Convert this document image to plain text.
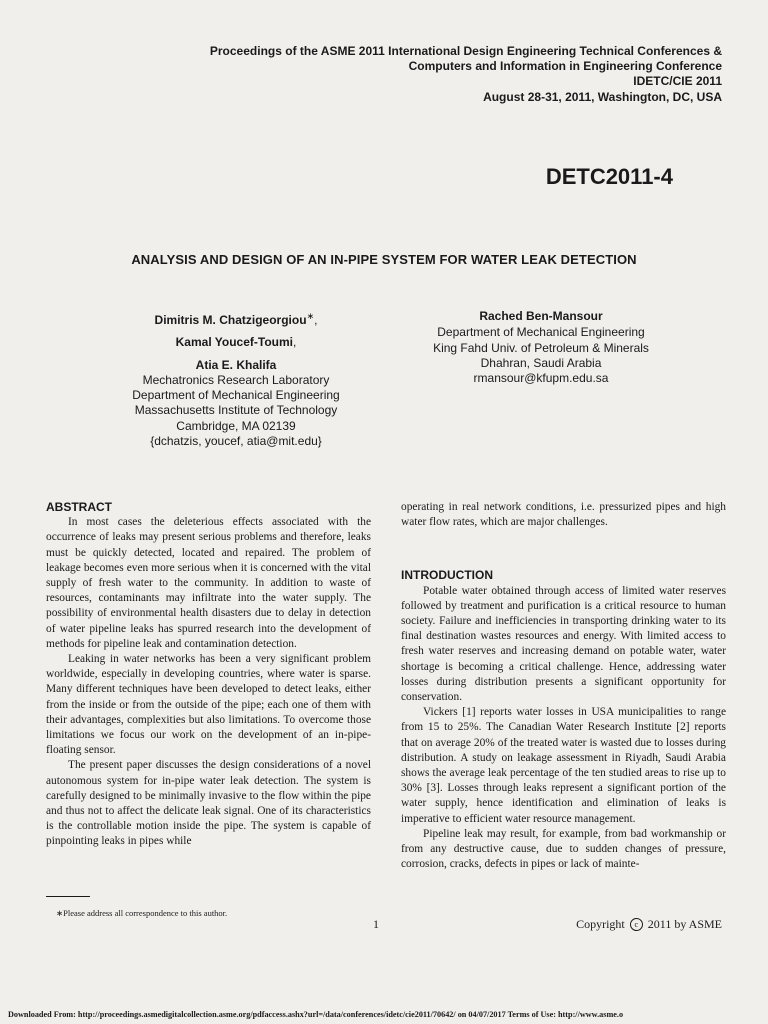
Proceedings of the ASME 2011 International Design Engineering Technical Conferences &
Computers and Information in Engineering Conference
IDETC/CIE 2011
August 28-31, 2011, Washington, DC, USA
DETC2011-4
ANALYSIS AND DESIGN OF AN IN-PIPE SYSTEM FOR WATER LEAK DETECTION
Dimitris M. Chatzigeorgiou∗,
Kamal Youcef-Toumi,
Atia E. Khalifa
Mechatronics Research Laboratory
Department of Mechanical Engineering
Massachusetts Institute of Technology
Cambridge, MA 02139
{dchatzis, youcef, atia@mit.edu}
Rached Ben-Mansour
Department of Mechanical Engineering
King Fahd Univ. of Petroleum & Minerals
Dhahran, Saudi Arabia
rmansour@kfupm.edu.sa
ABSTRACT

In most cases the deleterious effects associated with the occurrence of leaks may present serious problems and therefore, leaks must be quickly detected, located and repaired. The problem of leakage becomes even more serious when it is concerned with the vital supply of fresh water to the community. In addition to waste of resources, contaminants may infiltrate into the water supply. The possibility of environmental health disasters due to delay in detection of water pipeline leaks has spurred research into the development of methods for pipeline leak and contamination detection.

Leaking in water networks has been a very significant problem worldwide, especially in developing countries, where water is sparse. Many different techniques have been developed to detect leaks, either from the inside or from the outside of the pipe; each one of them with their advantages, complexities but also limitations. To overcome those limitations we focus our work on the development of an in-pipe-floating sensor.

The present paper discusses the design considerations of a novel autonomous system for in-pipe water leak detection. The system is carefully designed to be minimally invasive to the flow within the pipe and thus not to affect the delicate leak signal. One of its characteristics is the controllable motion inside the pipe. The system is capable of pinpointing leaks in pipes while

operating in real network conditions, i.e. pressurized pipes and high water flow rates, which are major challenges.

INTRODUCTION

Potable water obtained through access of limited water reserves followed by treatment and purification is a critical resource to human society. Failure and inefficiencies in transporting drinking water to its final destination wastes resources and energy. With limited access to fresh water reserves and increasing demand on potable water, water shortage is becoming a critical challenge. Hence, addressing water losses during distribution presents a significant opportunity for conservation.

Vickers [1] reports water losses in USA municipalities to range from 15 to 25%. The Canadian Water Research Institute [2] reports that on average 20% of the treated water is wasted due to losses during distribution. A study on leakage assessment in Riyadh, Saudi Arabia shows the average leak percentage of the ten studied areas to rise up to 30% [3]. Losses through leaks represent a significant portion of the water supply, hence identification and elimination of leaks is imperative to efficient water resource management.

Pipeline leak may result, for example, from bad workmanship or from any destructive cause, due to sudden changes of pressure, corrosion, cracks, defects in pipes or lack of mainte-

∗Please address all correspondence to this author.
1	Copyright c 2011 by ASME
Downloaded From: http://proceedings.asmedigitalcollection.asme.org/pdfaccess.ashx?url=/data/conferences/idetc/cie2011/70642/ on 04/07/2017 Terms of Use: http://www.asme.o
